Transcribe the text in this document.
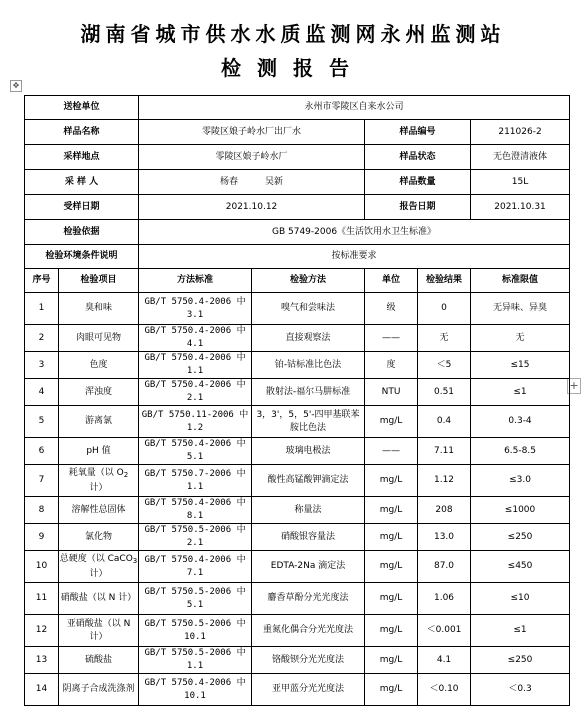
湖南省城市供水水质监测网永州监测站
检测报告
✥
+
送检单位		永州市零陵区自来水公司				
样品名称		零陵区娘子岭水厂出厂水		样品编号		211026-2
采样地点		零陵区娘子岭水厂		样品状态		无色澄清液体
采 样 人		杨春　　　吴新		样品数量		15L
受样日期		2021.10.12		报告日期		2021.10.31
检验依据		GB 5749-2006《生活饮用水卫生标准》				
检验环境条件说明		按标准要求				
序号	检验项目	方法标准	检验方法	单位	检验结果	标准限值
1	臭和味	GB/T 5750.4-2006 中 3.1	嗅气和尝味法	级	0	无异味、异臭
2	肉眼可见物	GB/T 5750.4-2006 中 4.1	直接观察法	——	无	无
3	色度	GB/T 5750.4-2006 中 1.1	铂-钴标准比色法	度	＜5	≤15
4	浑浊度	GB/T 5750.4-2006 中 2.1	散射法-福尔马肼标准	NTU	0.51	≤1
5	游离氯	GB/T 5750.11-2006 中 1.2	3，3'，5，5'-四甲基联苯胺比色法	mg/L	0.4	0.3-4
6	pH 值	GB/T 5750.4-2006 中 5.1	玻璃电极法	——	7.11	6.5-8.5
7	耗氧量（以 $O_2$ 计）	GB/T 5750.7-2006 中 1.1	酸性高锰酸钾滴定法	mg/L	1.12	≤3.0
8	溶解性总固体	GB/T 5750.4-2006 中 8.1	称量法	mg/L	208	≤1000
9	氯化物	GB/T 5750.5-2006 中 2.1	硝酸银容量法	mg/L	13.0	≤250
10	总硬度（以 CaCO$_3$ 计）	GB/T 5750.4-2006 中 7.1	EDTA-2Na 滴定法	mg/L	87.0	≤450
11	硝酸盐（以 N 计）	GB/T 5750.5-2006 中 5.1	麝香草酚分光光度法	mg/L	1.06	≤10
12	亚硝酸盐（以 N 计）	GB/T 5750.5-2006 中 10.1	重氮化偶合分光光度法	mg/L	＜0.001	≤1
13	硫酸盐	GB/T 5750.5-2006 中 1.1	铬酸钡分光光度法	mg/L	4.1	≤250
14	阴离子合成洗涤剂	GB/T 5750.4-2006 中 10.1	亚甲蓝分光光度法	mg/L	＜0.10	＜0.3
